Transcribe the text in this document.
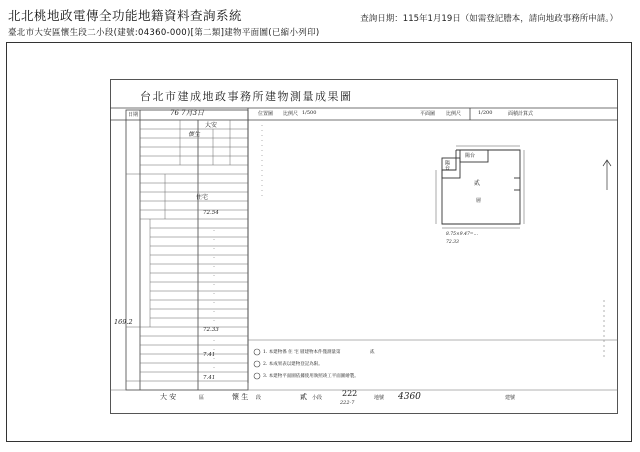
北北桃地政電傳全功能地籍資料查詢系統	查詢日期：115年1月19日（如需登記謄本，請向地政事務所申請。）
臺北市大安區懷生段二小段(建號:04360-000)[第二類]建物平面圖(已縮小列印)
台北市建成地政事務所建物測量成果圖
位置圖 比例尺 1/500	平面圖 比例尺	1/200	面積計算式
日期	76 7月3日
大安
懷生
住宅
72.54
72.33
7.41
7.41
169.2
陽台
陽台
貳
層
8.75×9.47=...
72.33
1. 本建物係 住 宅 層建物本件僅測量第	貳
2. 本成果表以建物登記為限。
3. 本建物平面圖依據使用執照竣工平面圖繪製。
大 安	區	懷 生 段	貳 小段 222
222-7
地號 4360	建號
